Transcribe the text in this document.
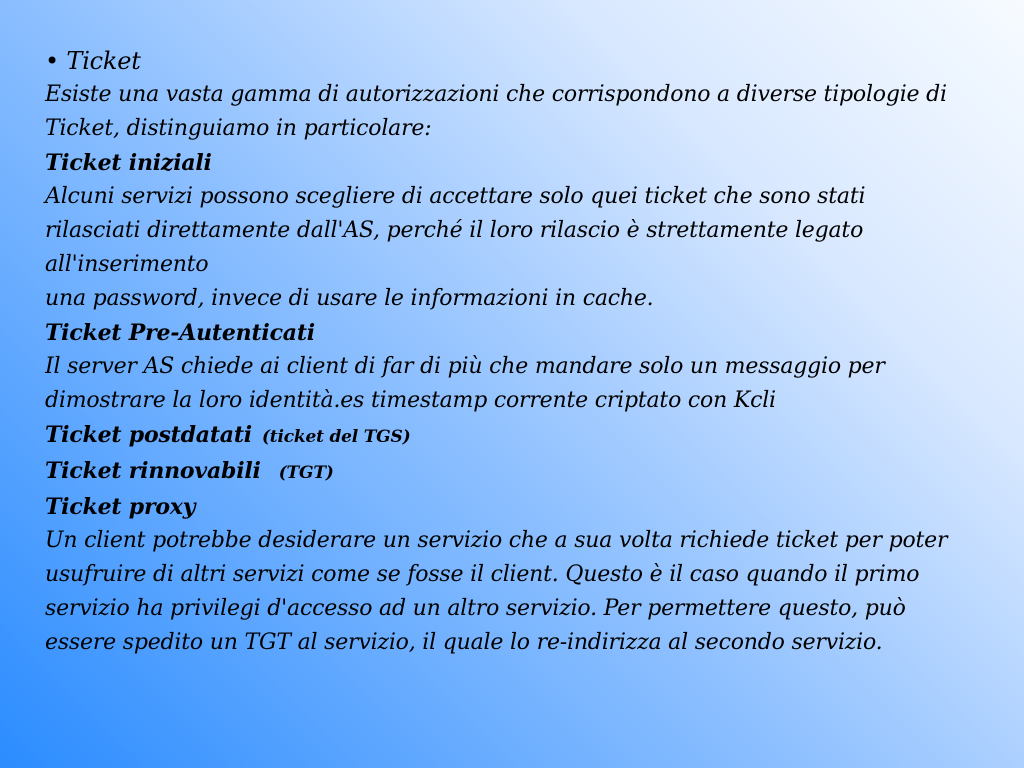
• Ticket
Esiste una vasta gamma di autorizzazioni che corrispondono a diverse tipologie di
Ticket, distinguiamo in particolare:
Ticket iniziali
Alcuni servizi possono scegliere di accettare solo quei ticket che sono stati
rilasciati direttamente dall'AS, perché il loro rilascio è strettamente legato
all'inserimento
una password, invece di usare le informazioni in cache.
Ticket Pre-Autenticati
Il server AS chiede ai client di far di più che mandare solo un messaggio per
dimostrare la loro identità.es timestamp corrente criptato con Kcli
Ticket postdatati (ticket del TGS)
Ticket rinnovabili (TGT)
Ticket proxy
Un client potrebbe desiderare un servizio che a sua volta richiede ticket per poter
usufruire di altri servizi come se fosse il client. Questo è il caso quando il primo
servizio ha privilegi d'accesso ad un altro servizio. Per permettere questo, può
essere spedito un TGT al servizio, il quale lo re-indirizza al secondo servizio.
